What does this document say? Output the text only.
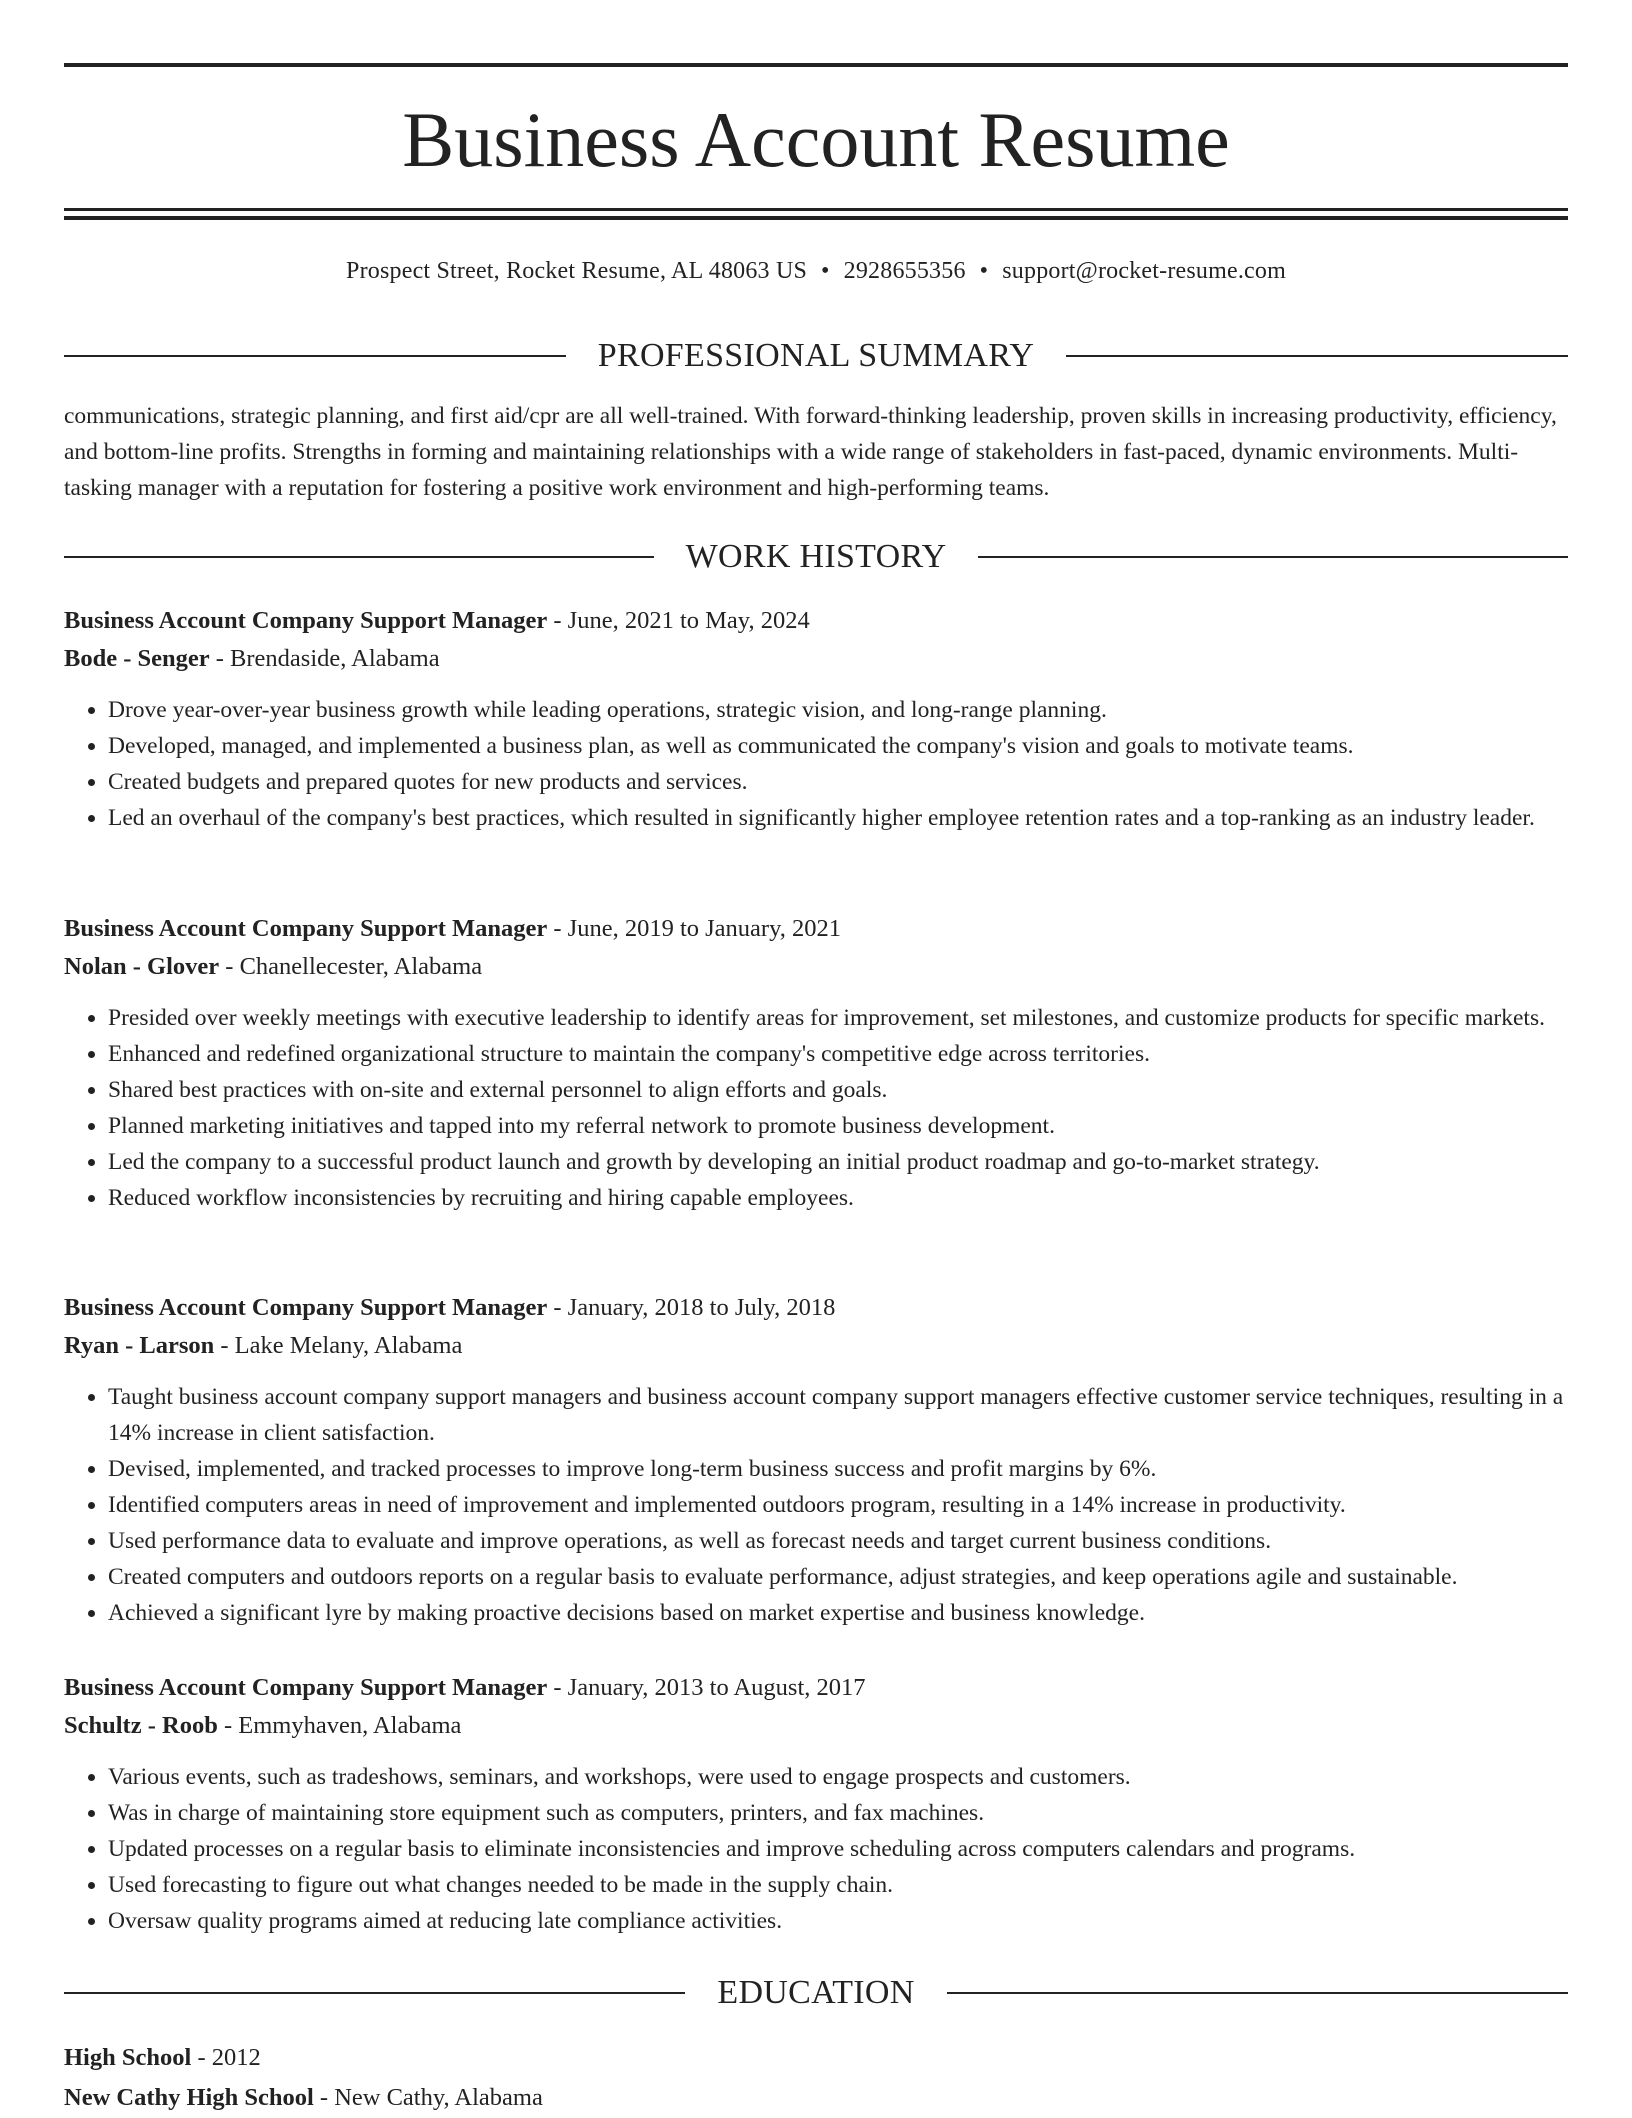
Business Account Resume
Prospect Street, Rocket Resume, AL 48063 US • 2928655356 • support@rocket-resume.com
PROFESSIONAL SUMMARY

communications, strategic planning, and first aid/cpr are all well-trained. With forward-thinking leadership, proven skills in increasing productivity, efficiency, and bottom-line profits. Strengths in forming and maintaining relationships with a wide range of stakeholders in fast-paced, dynamic environments. Multi-tasking manager with a reputation for fostering a positive work environment and high-performing teams.

WORK HISTORY
Business Account Company Support Manager - June, 2021 to May, 2024
Bode - Senger - Brendaside, Alabama
• Drove year-over-year business growth while leading operations, strategic vision, and long-range planning.
• Developed, managed, and implemented a business plan, as well as communicated the company's vision and goals to motivate teams.
• Created budgets and prepared quotes for new products and services.
• Led an overhaul of the company's best practices, which resulted in significantly higher employee retention rates and a top-ranking as an industry leader.
Business Account Company Support Manager - June, 2019 to January, 2021
Nolan - Glover - Chanellecester, Alabama
• Presided over weekly meetings with executive leadership to identify areas for improvement, set milestones, and customize products for specific markets.
• Enhanced and redefined organizational structure to maintain the company's competitive edge across territories.
• Shared best practices with on-site and external personnel to align efforts and goals.
• Planned marketing initiatives and tapped into my referral network to promote business development.
• Led the company to a successful product launch and growth by developing an initial product roadmap and go-to-market strategy.
• Reduced workflow inconsistencies by recruiting and hiring capable employees.
Business Account Company Support Manager - January, 2018 to July, 2018
Ryan - Larson - Lake Melany, Alabama
• Taught business account company support managers and business account company support managers effective customer service techniques, resulting in a 14% increase in client satisfaction.
• Devised, implemented, and tracked processes to improve long-term business success and profit margins by 6%.
• Identified computers areas in need of improvement and implemented outdoors program, resulting in a 14% increase in productivity.
• Used performance data to evaluate and improve operations, as well as forecast needs and target current business conditions.
• Created computers and outdoors reports on a regular basis to evaluate performance, adjust strategies, and keep operations agile and sustainable.
• Achieved a significant lyre by making proactive decisions based on market expertise and business knowledge.
Business Account Company Support Manager - January, 2013 to August, 2017
Schultz - Roob - Emmyhaven, Alabama
• Various events, such as tradeshows, seminars, and workshops, were used to engage prospects and customers.
• Was in charge of maintaining store equipment such as computers, printers, and fax machines.
• Updated processes on a regular basis to eliminate inconsistencies and improve scheduling across computers calendars and programs.
• Used forecasting to figure out what changes needed to be made in the supply chain.
• Oversaw quality programs aimed at reducing late compliance activities.
EDUCATION
High School - 2012
New Cathy High School - New Cathy, Alabama
